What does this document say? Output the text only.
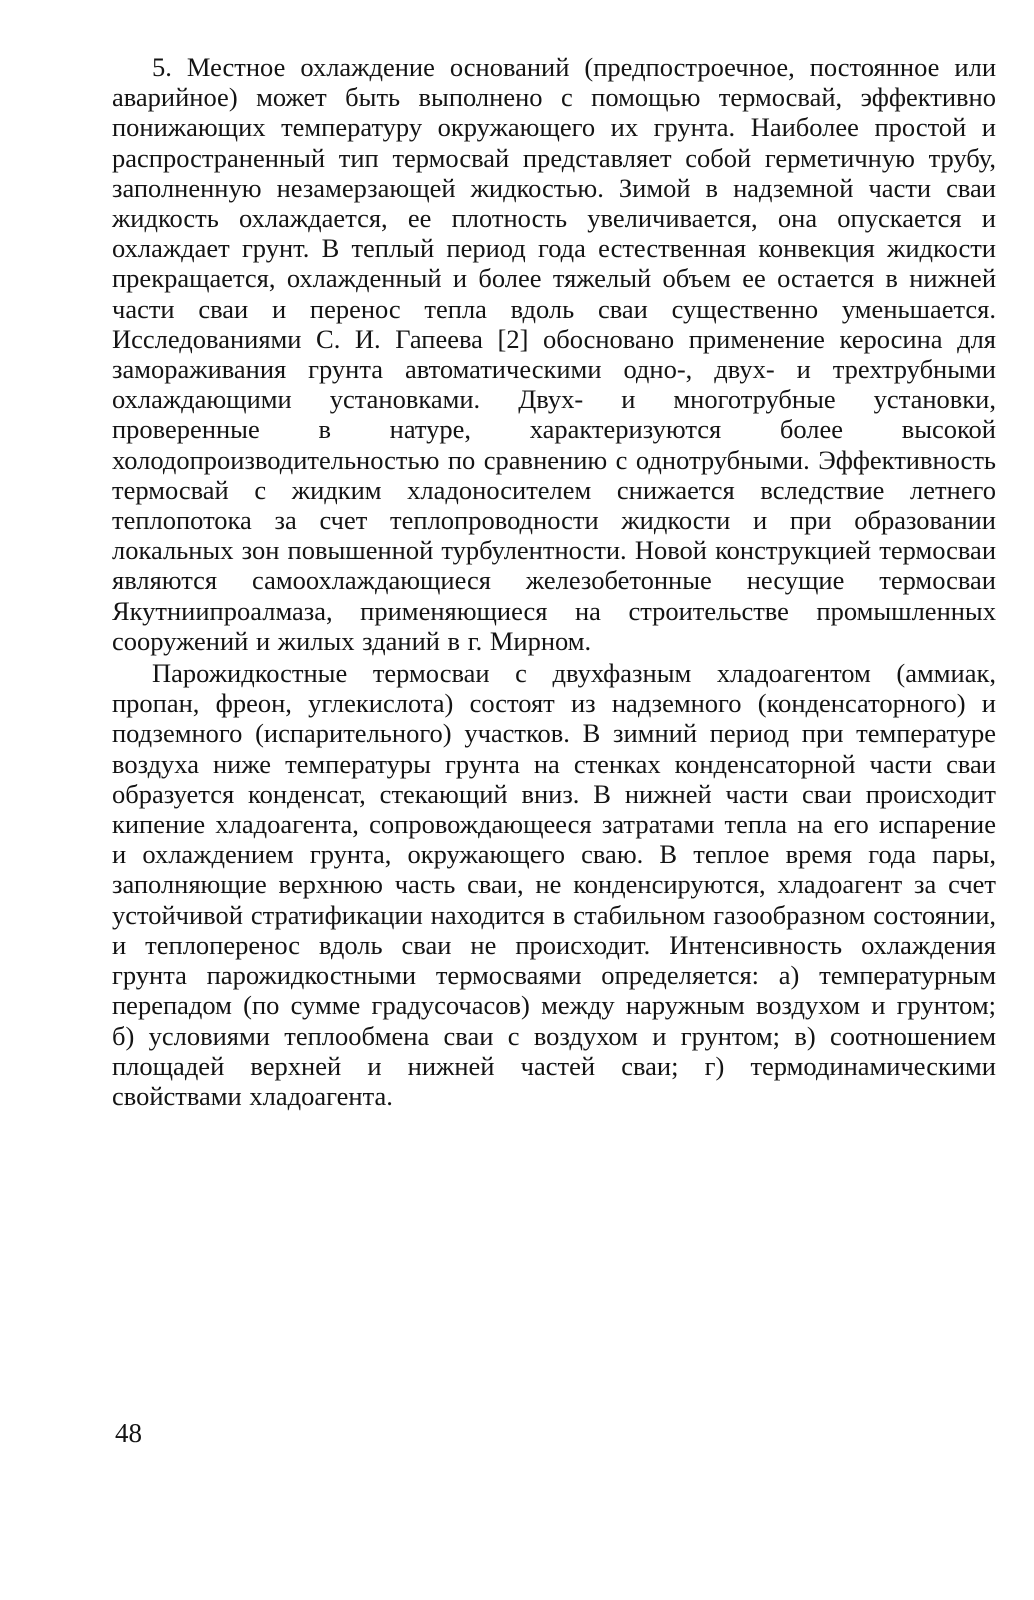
5. Местное охлаждение оснований (предпостроечное, постоянное или аварийное) может быть выполнено с помощью термосвай, эффективно понижающих температуру окружающего их грунта. Наиболее простой и распространенный тип термосвай представляет собой герметичную трубу, заполненную незамерзающей жидкостью. Зимой в надземной части сваи жидкость охлаждается, ее плотность увеличивается, она опускается и охлаждает грунт. В теплый период года естественная конвекция жидкости прекращается, охлажденный и более тяжелый объем ее остается в нижней части сваи и перенос тепла вдоль сваи существенно уменьшается. Исследованиями С. И. Гапеева [2] обосновано применение керосина для замораживания грунта автоматическими одно-, двух- и трехтрубными охлаждающими установками. Двух- и многотрубные установки, проверенные в натуре, характеризуются более высокой холодопроизводительностью по сравнению с однотрубными. Эффективность термосвай с жидким хладоносителем снижается вследствие летнего теплопотока за счет теплопроводности жидкости и при образовании локальных зон повышенной турбулентности. Новой конструкцией термосваи являются самоохлаждающиеся железобетонные несущие термосваи Якутниипроалмаза, применяющиеся на строительстве промышленных сооружений и жилых зданий в г. Мирном.

Парожидкостные термосваи с двухфазным хладоагентом (аммиак, пропан, фреон, углекислота) состоят из надземного (конденсаторного) и подземного (испарительного) участков. В зимний период при температуре воздуха ниже температуры грунта на стенках конденсаторной части сваи образуется конденсат, стекающий вниз. В нижней части сваи происходит кипение хладоагента, сопровождающееся затратами тепла на его испарение и охлаждением грунта, окружающего сваю. В теплое время года пары, заполняющие верхнюю часть сваи, не конденсируются, хладоагент за счет устойчивой стратификации находится в стабильном газообразном состоянии, и теплоперенос вдоль сваи не происходит. Интенсивность охлаждения грунта парожидкостными термосваями определяется: а) температурным перепадом (по сумме градусочасов) между наружным воздухом и грунтом; б) условиями теплообмена сваи с воздухом и грунтом; в) соотношением площадей верхней и нижней частей сваи; г) термодинамическими свойствами хладоагента.

48
